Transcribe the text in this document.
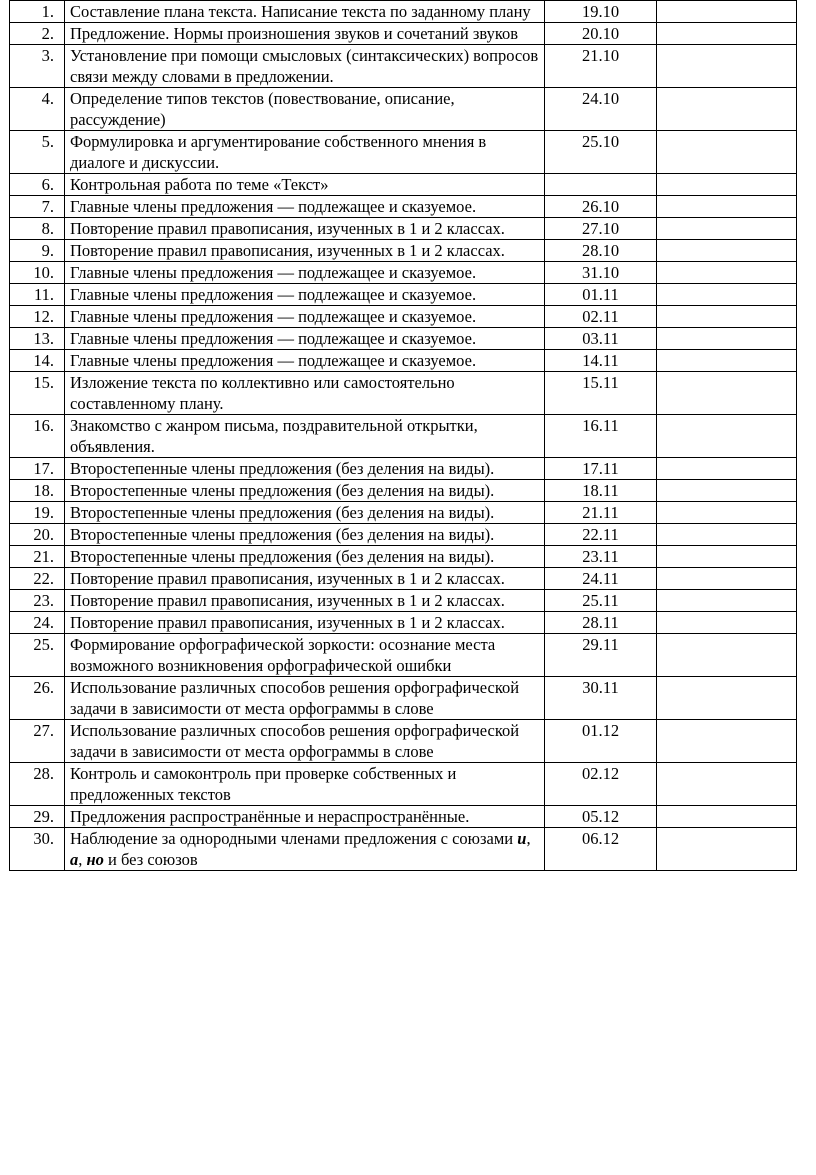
1.	Составление плана текста. Написание текста по заданному плану	19.10	
2.	Предложение. Нормы произношения звуков и сочетаний звуков	20.10	
3.	Установление при помощи смысловых (синтаксических) вопросов связи между словами в предложении.	21.10	
4.	Определение типов текстов (повествование, описание, рассуждение)	24.10	
5.	Формулировка и аргументирование собственного мнения в диалоге и дискуссии.	25.10	
6.	Контрольная работа по теме «Текст»		
7.	Главные члены предложения — подлежащее и сказуемое.	26.10	
8.	Повторение правил правописания, изученных в 1 и 2 классах.	27.10	
9.	Повторение правил правописания, изученных в 1 и 2 классах.	28.10	
10.	Главные члены предложения — подлежащее и сказуемое.	31.10	
11.	Главные члены предложения — подлежащее и сказуемое.	01.11	
12.	Главные члены предложения — подлежащее и сказуемое.	02.11	
13.	Главные члены предложения — подлежащее и сказуемое.	03.11	
14.	Главные члены предложения — подлежащее и сказуемое.	14.11	
15.	Изложение текста по коллективно или самостоятельно составленному плану.	15.11	
16.	Знакомство с жанром письма, поздравительной открытки, объявления.	16.11	
17.	Второстепенные члены предложения (без деления на виды).	17.11	
18.	Второстепенные члены предложения (без деления на виды).	18.11	
19.	Второстепенные члены предложения (без деления на виды).	21.11	
20.	Второстепенные члены предложения (без деления на виды).	22.11	
21.	Второстепенные члены предложения (без деления на виды).	23.11	
22.	Повторение правил правописания, изученных в 1 и 2 классах.	24.11	
23.	Повторение правил правописания, изученных в 1 и 2 классах.	25.11	
24.	Повторение правил правописания, изученных в 1 и 2 классах.	28.11	
25.	Формирование орфографической зоркости: осознание места возможного возникновения орфографической ошибки	29.11	
26.	Использование различных способов решения орфографической задачи в зависимости от места орфограммы в слове	30.11	
27.	Использование различных способов решения орфографической задачи в зависимости от места орфограммы в слове	01.12	
28.	Контроль и самоконтроль при проверке собственных и предложенных текстов	02.12	
29.	Предложения распространённые и нераспространённые.	05.12	
30.	Наблюдение за однородными членами предложения с союзами и, а, но и без союзов	06.12	
